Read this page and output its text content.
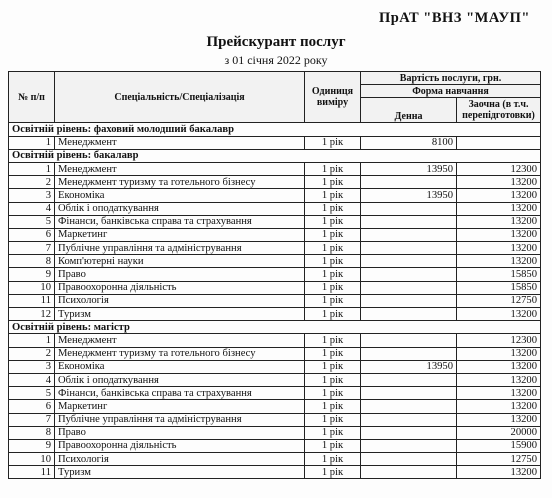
ПрАТ "ВНЗ "МАУП"
Прейскурант послуг
з 01 січня 2022 року
№ п/п	Спеціальність/Спеціалізація	Одиниця виміру	Вартість послуги, грн.	
			Форма навчання	
			Денна	Заочна (в т.ч. перепідготовки)
Освітній рівень: фаховий молодший бакалавр				
1	Менеджмент	1 рік	8100	
Освітній рівень: бакалавр				
1	Менеджмент	1 рік	13950	12300
2	Менеджмент туризму та готельного бізнесу	1 рік		13200
3	Економіка	1 рік	13950	13200
4	Облік і оподаткування	1 рік		13200
5	Фінанси, банківська справа та страхування	1 рік		13200
6	Маркетинг	1 рік		13200
7	Публічне управління та адміністрування	1 рік		13200
8	Комп'ютерні науки	1 рік		13200
9	Право	1 рік		15850
10	Правоохоронна діяльність	1 рік		15850
11	Психологія	1 рік		12750
12	Туризм	1 рік		13200
Освітній рівень: магістр				
1	Менеджмент	1 рік		12300
2	Менеджмент туризму та готельного бізнесу	1 рік		13200
3	Економіка	1 рік	13950	13200
4	Облік і оподаткування	1 рік		13200
5	Фінанси, банківська справа та страхування	1 рік		13200
6	Маркетинг	1 рік		13200
7	Публічне управління та адміністрування	1 рік		13200
8	Право	1 рік		20000
9	Правоохоронна діяльність	1 рік		15900
10	Психологія	1 рік		12750
11	Туризм	1 рік		13200
